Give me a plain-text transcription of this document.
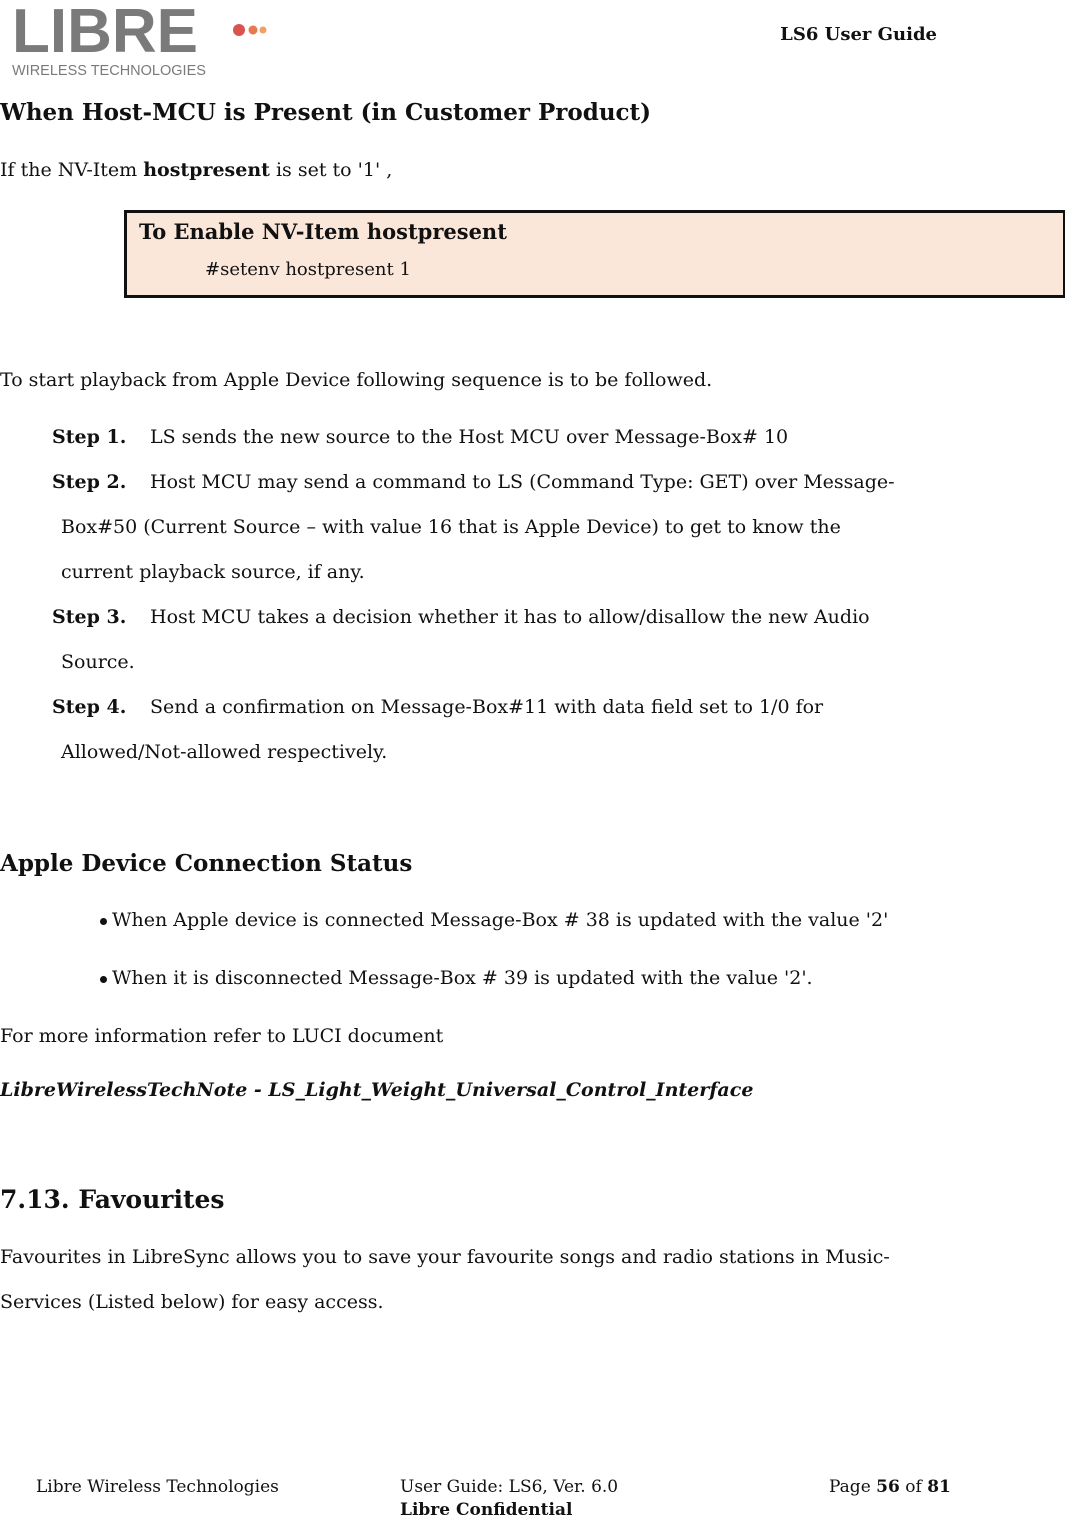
LIBRE
WIRELESS TECHNOLOGIES
LS6 User Guide
When Host-MCU is Present (in Customer Product)
If the NV-Item hostpresent is set to '1' ,
To Enable NV-Item hostpresent
#setenv hostpresent 1
To start playback from Apple Device following sequence is to be followed.
Step 1. LS sends the new source to the Host MCU over Message-Box# 10
Step 2. Host MCU may send a command to LS (Command Type: GET) over Message-
Box#50 (Current Source – with value 16 that is Apple Device) to get to know the
current playback source, if any.
Step 3. Host MCU takes a decision whether it has to allow/disallow the new Audio
Source.
Step 4. Send a confirmation on Message-Box#11 with data field set to 1/0 for
Allowed/Not-allowed respectively.
Apple Device Connection Status
When Apple device is connected Message-Box # 38 is updated with the value '2'
When it is disconnected Message-Box # 39 is updated with the value '2'.
For more information refer to LUCI document
LibreWirelessTechNote - LS_Light_Weight_Universal_Control_Interface
7.13. Favourites
Favourites in LibreSync allows you to save your favourite songs and radio stations in Music-
Services (Listed below) for easy access.
Libre Wireless Technologies	User Guide: LS6, Ver. 6.0
Libre Confidential
Page 56 of 81
